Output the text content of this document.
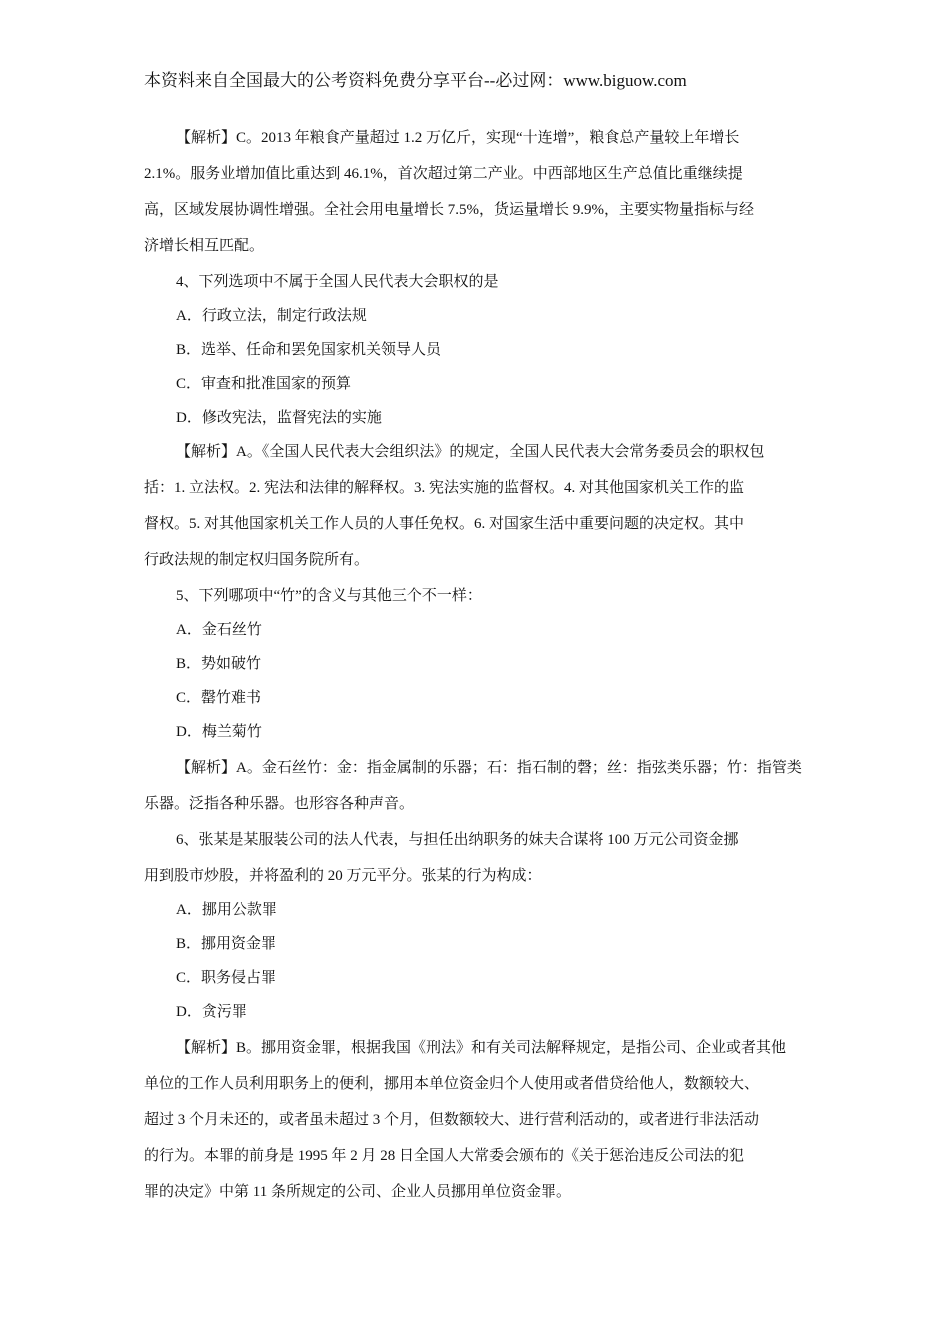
本资料来自全国最大的公考资料免费分享平台--必过网：www.biguow.com
【解析】C。2013 年粮食产量超过 1.2 万亿斤，实现“十连增”，粮食总产量较上年增长
2.1%。服务业增加值比重达到 46.1%，首次超过第二产业。中西部地区生产总值比重继续提
高，区域发展协调性增强。全社会用电量增长 7.5%，货运量增长 9.9%，主要实物量指标与经
济增长相互匹配。
4、下列选项中不属于全国人民代表大会职权的是
A．行政立法，制定行政法规
B．选举、任命和罢免国家机关领导人员
C．审查和批准国家的预算
D．修改宪法，监督宪法的实施
【解析】A。《全国人民代表大会组织法》的规定，全国人民代表大会常务委员会的职权包
括：1. 立法权。2. 宪法和法律的解释权。3. 宪法实施的监督权。4. 对其他国家机关工作的监
督权。5. 对其他国家机关工作人员的人事任免权。6. 对国家生活中重要问题的决定权。其中
行政法规的制定权归国务院所有。
5、下列哪项中“竹”的含义与其他三个不一样：
A．金石丝竹
B．势如破竹
C．罄竹难书
D．梅兰菊竹
【解析】A。金石丝竹：金：指金属制的乐器；石：指石制的磬；丝：指弦类乐器；竹：指管类
乐器。泛指各种乐器。也形容各种声音。
6、张某是某服装公司的法人代表，与担任出纳职务的妹夫合谋将 100 万元公司资金挪
用到股市炒股，并将盈利的 20 万元平分。张某的行为构成：
A．挪用公款罪
B．挪用资金罪
C．职务侵占罪
D．贪污罪
【解析】B。挪用资金罪，根据我国《刑法》和有关司法解释规定，是指公司、企业或者其他
单位的工作人员利用职务上的便利，挪用本单位资金归个人使用或者借贷给他人，数额较大、
超过 3 个月未还的，或者虽未超过 3 个月，但数额较大、进行营利活动的，或者进行非法活动
的行为。本罪的前身是 1995 年 2 月 28 日全国人大常委会颁布的《关于惩治违反公司法的犯
罪的决定》中第 11 条所规定的公司、企业人员挪用单位资金罪。
